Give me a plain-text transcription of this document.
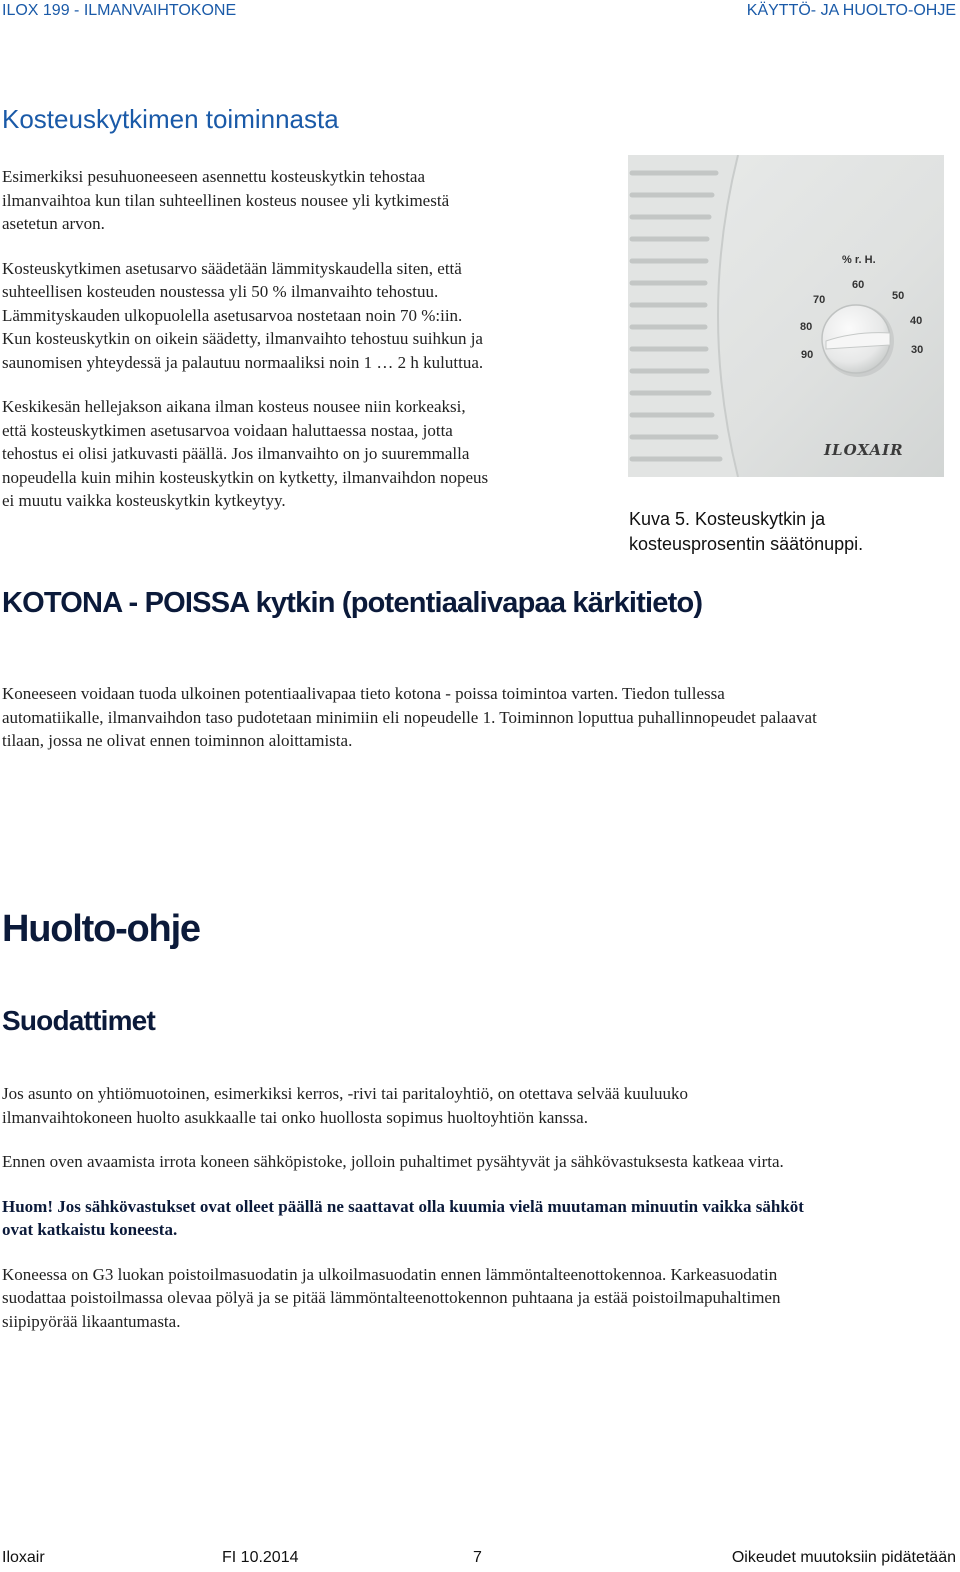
ILOX 199 - ILMANVAIHTOKONE	KÄYTTÖ- JA HUOLTO-OHJE
Kosteuskytkimen toiminnasta

Esimerkiksi pesuhuoneeseen asennettu kosteuskytkin tehostaa
ilmanvaihtoa kun tilan suhteellinen kosteus nousee yli kytkimestä
asetetun arvon.

Kosteuskytkimen asetusarvo säädetään lämmityskaudella siten, että
suhteellisen kosteuden noustessa yli 50 % ilmanvaihto tehostuu.
Lämmityskauden ulkopuolella asetusarvoa nostetaan noin 70 %:iin.
Kun kosteuskytkin on oikein säädetty, ilmanvaihto tehostuu suihkun ja
saunomisen yhteydessä ja palautuu normaaliksi noin 1 … 2 h kuluttua.

Keskikesän hellejakson aikana ilman kosteus nousee niin korkeaksi,
että kosteuskytkimen asetusarvoa voidaan haluttaessa nostaa, jotta
tehostus ei olisi jatkuvasti päällä. Jos ilmanvaihto on jo suuremmalla
nopeudella kuin mihin kosteuskytkin on kytketty, ilmanvaihdon nopeus
ei muutu vaikka kosteuskytkin kytkeytyy.

% r. H.
30
40
50
60
70
80
90
ILOXAIR
Kuva 5. Kosteuskytkin ja
kosteusprosentin säätönuppi.
KOTONA - POISSA kytkin (potentiaalivapaa kärkitieto)

Koneeseen voidaan tuoda ulkoinen potentiaalivapaa tieto kotona - poissa toimintoa varten. Tiedon tullessa
automatiikalle, ilmanvaihdon taso pudotetaan minimiin eli nopeudelle 1. Toiminnon loputtua puhallinnopeudet palaavat
tilaan, jossa ne olivat ennen toiminnon aloittamista.

Huolto-ohje
Suodattimet

Jos asunto on yhtiömuotoinen, esimerkiksi kerros, -rivi tai paritaloyhtiö, on otettava selvää kuuluuko
ilmanvaihtokoneen huolto asukkaalle tai onko huollosta sopimus huoltoyhtiön kanssa.

Ennen oven avaamista irrota koneen sähköpistoke, jolloin puhaltimet pysähtyvät ja sähkövastuksesta katkeaa virta.

Huom! Jos sähkövastukset ovat olleet päällä ne saattavat olla kuumia vielä muutaman minuutin vaikka sähköt
ovat katkaistu koneesta.

Koneessa on G3 luokan poistoilmasuodatin ja ulkoilmasuodatin ennen lämmöntalteenottokennoa. Karkeasuodatin
suodattaa poistoilmassa olevaa pölyä ja se pitää lämmöntalteenottokennon puhtaana ja estää poistoilmapuhaltimen
siipipyörää likaantumasta.

Iloxair	FI 10.2014	7	Oikeudet muutoksiin pidätetään
